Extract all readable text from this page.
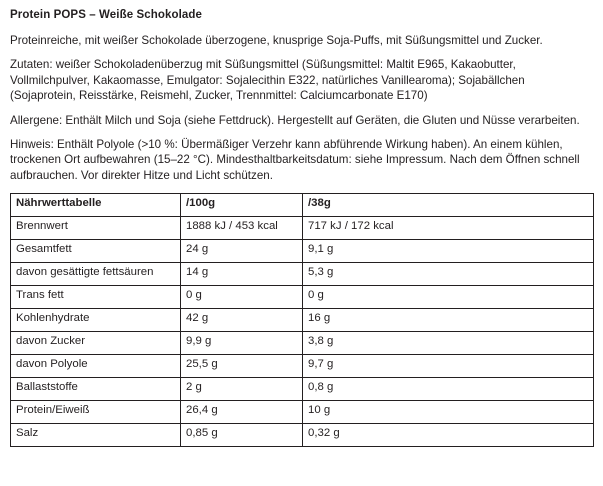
Protein POPS – Weiße Schokolade

Proteinreiche, mit weißer Schokolade überzogene, knusprige Soja-Puffs, mit Süßungsmittel und Zucker.

Zutaten: weißer Schokoladenüberzug mit Süßungsmittel (Süßungsmittel: Maltit E965, Kakaobutter, Vollmilchpulver, Kakaomasse, Emulgator: Sojalecithin E322, natürliches Vanillearoma); Sojabällchen (Sojaprotein, Reisstärke, Reismehl, Zucker, Trennmittel: Calciumcarbonate E170)

Allergene: Enthält Milch und Soja (siehe Fettdruck). Hergestellt auf Geräten, die Gluten und Nüsse verarbeiten.

Hinweis: Enthält Polyole (>10 %: Übermäßiger Verzehr kann abführende Wirkung haben). An einem kühlen, trockenen Ort aufbewahren (15–22 °C). Mindesthaltbarkeitsdatum: siehe Impressum. Nach dem Öffnen schnell aufbrauchen. Vor direkter Hitze und Licht schützen.

Nährwerttabelle	/100g	/38g
Brennwert	1888 kJ / 453 kcal	717 kJ / 172 kcal
Gesamtfett	24 g	9,1 g
davon gesättigte fettsäuren	14 g	5,3 g
Trans fett	0 g	0 g
Kohlenhydrate	42 g	16 g
davon Zucker	9,9 g	3,8 g
davon Polyole	25,5 g	9,7 g
Ballaststoffe	2 g	0,8 g
Protein/Eiweiß	26,4 g	10 g
Salz	0,85 g	0,32 g
